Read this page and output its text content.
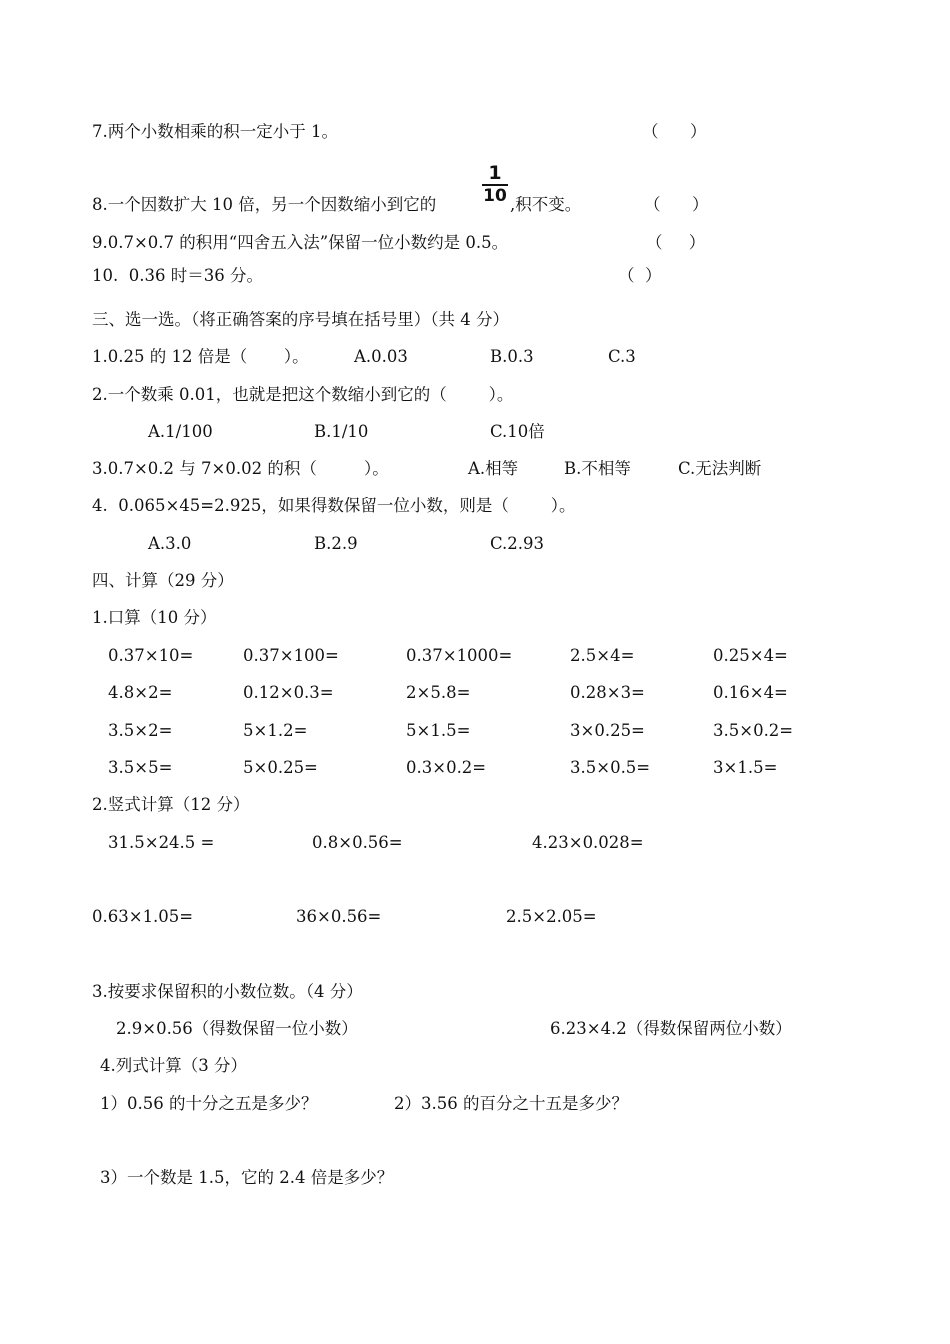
7.两个小数相乘的积一定小于 1。	（      ）
8.一个因数扩大 10 倍，另一个因数缩小到它的
1
10 ,积不变。	（      ）
9.0.7×0.7 的积用“四舍五入法”保留一位小数约是 0.5。	（     ）
10.  0.36 时＝36 分。	（  ）
三、选一选。（将正确答案的序号填在括号里）（共 4 分）
1.0.25 的 12 倍是（       ）。	A.0.03	B.0.3	C.3
2.一个数乘 0.01，也就是把这个数缩小到它的（        ）。
A.1/100	B.1/10	C.10倍
3.0.7×0.2 与 7×0.02 的积（         ）。	A.相等	B.不相等	C.无法判断
4.  0.065×45=2.925，如果得数保留一位小数，则是（        ）。
A.3.0	B.2.9	C.2.93
四、计算（29 分）
1.口算（10 分）
0.37×10=	0.37×100=	0.37×1000=	2.5×4=	0.25×4=
4.8×2=	0.12×0.3=	2×5.8=	0.28×3=	0.16×4=
3.5×2=	5×1.2=	5×1.5=	3×0.25=	3.5×0.2=
3.5×5=	5×0.25=	0.3×0.2=	3.5×0.5=	3×1.5=
2.竖式计算（12 分）
31.5×24.5 =	0.8×0.56=	4.23×0.028=
0.63×1.05=	36×0.56=	2.5×2.05=
3.按要求保留积的小数位数。（4 分）
2.9×0.56（得数保留一位小数）	6.23×4.2（得数保留两位小数）
4.列式计算（3 分）
1）0.56 的十分之五是多少？	2）3.56 的百分之十五是多少？
3）一个数是 1.5，它的 2.4 倍是多少？
